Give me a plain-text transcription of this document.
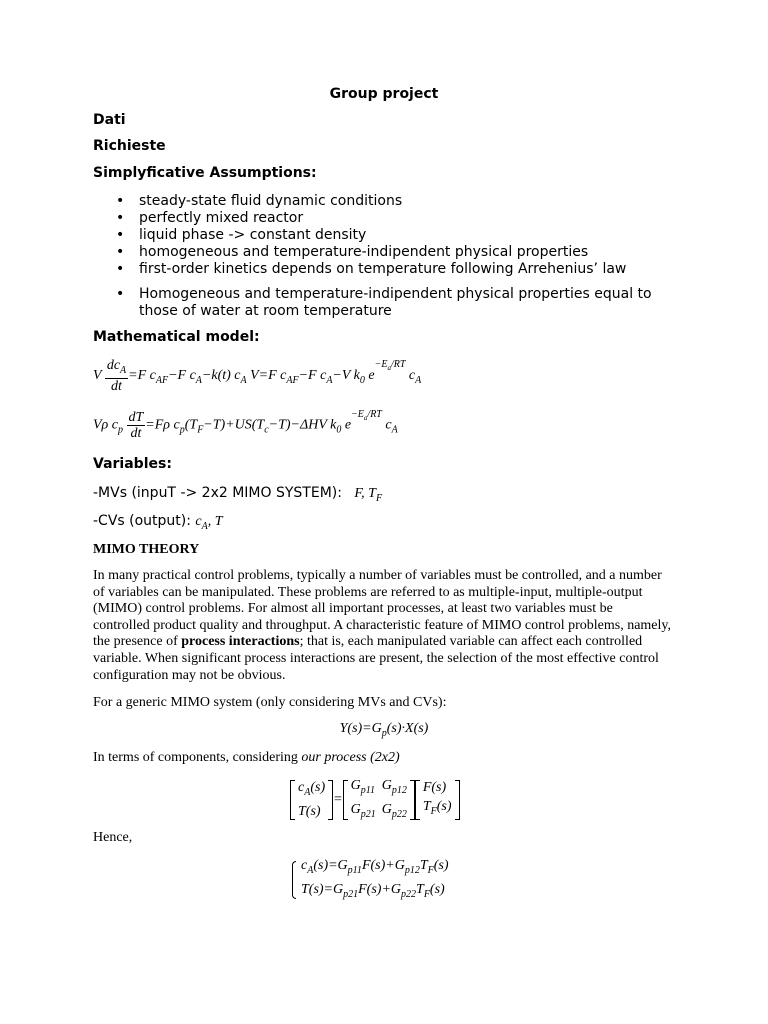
Group project
Dati
Richieste
Simplyficative Assumptions:
• steady-state fluid dynamic conditions
• perfectly mixed reactor
• liquid phase -> constant density
• homogeneous and temperature-indipendent physical properties
• first-order kinetics depends on temperature following Arrehenius’ law
• Homogeneous and temperature-indipendent physical properties equal to
those of water at room temperature
Mathematical model:
V $\frac{dc_A}{dt} =F$ $c_{AF}-F$ $c_A-k(t)$ $c_A$ V=F $c_{AF}-F$ $c_A-V$ $k_0$ $e^{-E_a/RT}$ $c_A$
Vρ $c_p \frac{dT}{dt} =F\rho$ $c_p(T_F-T)+US(T_c-T)-\Delta HV$ $k_0$ $e^{-E_a/RT}$ $c_A$
Variables:
-MVs (inpuT -> 2x2 MIMO SYSTEM): F, $T_F$
-CVs (output): $c_A$, T
MIMO THEORY
In many practical control problems, typically a number of variables must be controlled, and a number of variables can be manipulated. These problems are referred to as multiple-input, multiple-output (MIMO) control problems. For almost all important processes, at least two variables must be controlled product quality and throughput. A characteristic feature of MIMO control problems, namely, the presence of process interactions; that is, each manipulated variable can affect each controlled variable. When significant process interactions are present, the selection of the most effective control configuration may not be obvious.
For a generic MIMO system (only considering MVs and CVs):
$Y(s)=G_p(s)\cdot X(s)$
In terms of components, considering our process (2x2)
$c_A(s)$
$T(s)=G_{p11}$	$G_{p12}$
$G_{p21}$	$G_{p22}F(s)$
$T_F(s)$
Hence,
$c_A(s)=G_{p11}F(s)+G_{p12}T_F(s)$
$T(s)=G_{p21}F(s)+G_{p22}T_F(s)$
